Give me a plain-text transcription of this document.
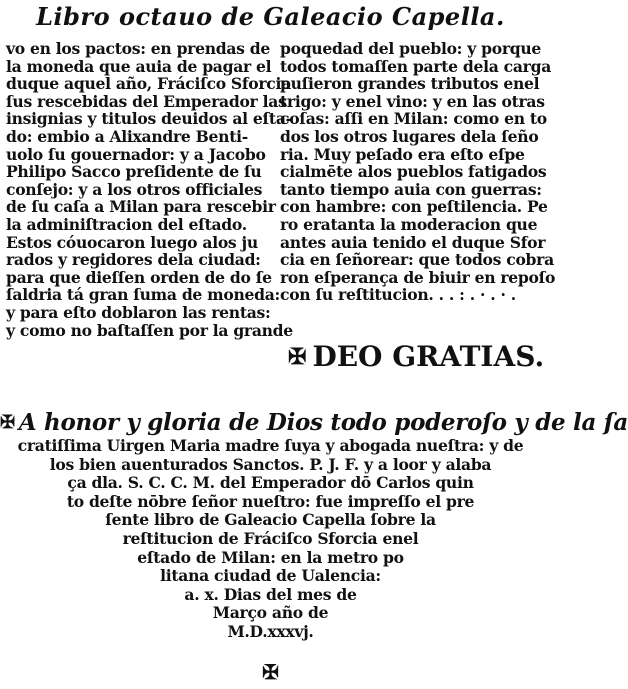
Libro octauo de Galeacio Capella.
vo en los pactos: en prendas de
la moneda que auia de pagar el
duque aquel año, Fráciſco Sforcia
ſus rescebidas del Emperador las
insignias y titulos deuidos al eſta-
do: embio a Alixandre Benti-
uolo ſu gouernador: y a Jacobo
Philipo Sacco preſidente de ſu
conſejo: y a los otros officiales
de ſu caſa a Milan para rescebir
la adminiſtracion del eſtado.
Estos cóuocaron luego alos ju
rados y regidores dela ciudad:
para que dieſſen orden de do ſe
ſaldria tá gran ſuma de moneda:
y para eſto doblaron las rentas:
y como no baſtaſſen por la grande
poquedad del pueblo: y porque
todos tomaſſen parte dela carga
puſieron grandes tributos enel
trigo: y enel vino: y en las otras
coſas: aſſi en Milan: como en to
dos los otros lugares dela ſeño
ria. Muy peſado era eſto eſpe
cialmēte alos pueblos fatigados
tanto tiempo auia con guerras:
con hambre: con peſtilencia. Pe
ro eratanta la moderacion que
antes auia tenido el duque Sfor
cia en ſeñorear: que todos cobra
ron eſperança de biuir en repoſo
con ſu reſtitucion. . . : . · . · .
✠ DEO GRATIAS.
✠ A honor y gloria de Dios todo poderoſo y de la ſa
cratiſſima Uirgen Maria madre ſuya y abogada nueſtra: y de
los bien auenturados Sanctos. P. J. F. y a loor y alaba
ça dla. S. C. C. M. del Emperador dō Carlos quin
to deſte nōbre ſeñor nueſtro: fue impreſſo el pre
ſente libro de Galeacio Capella ſobre la
reſtitucion de Fráciſco Sforcia enel
eſtado de Milan: en la metro po
litana ciudad de Ualencia:
a. x. Dias del mes de
Março año de
M.D.xxxvj.
✠
